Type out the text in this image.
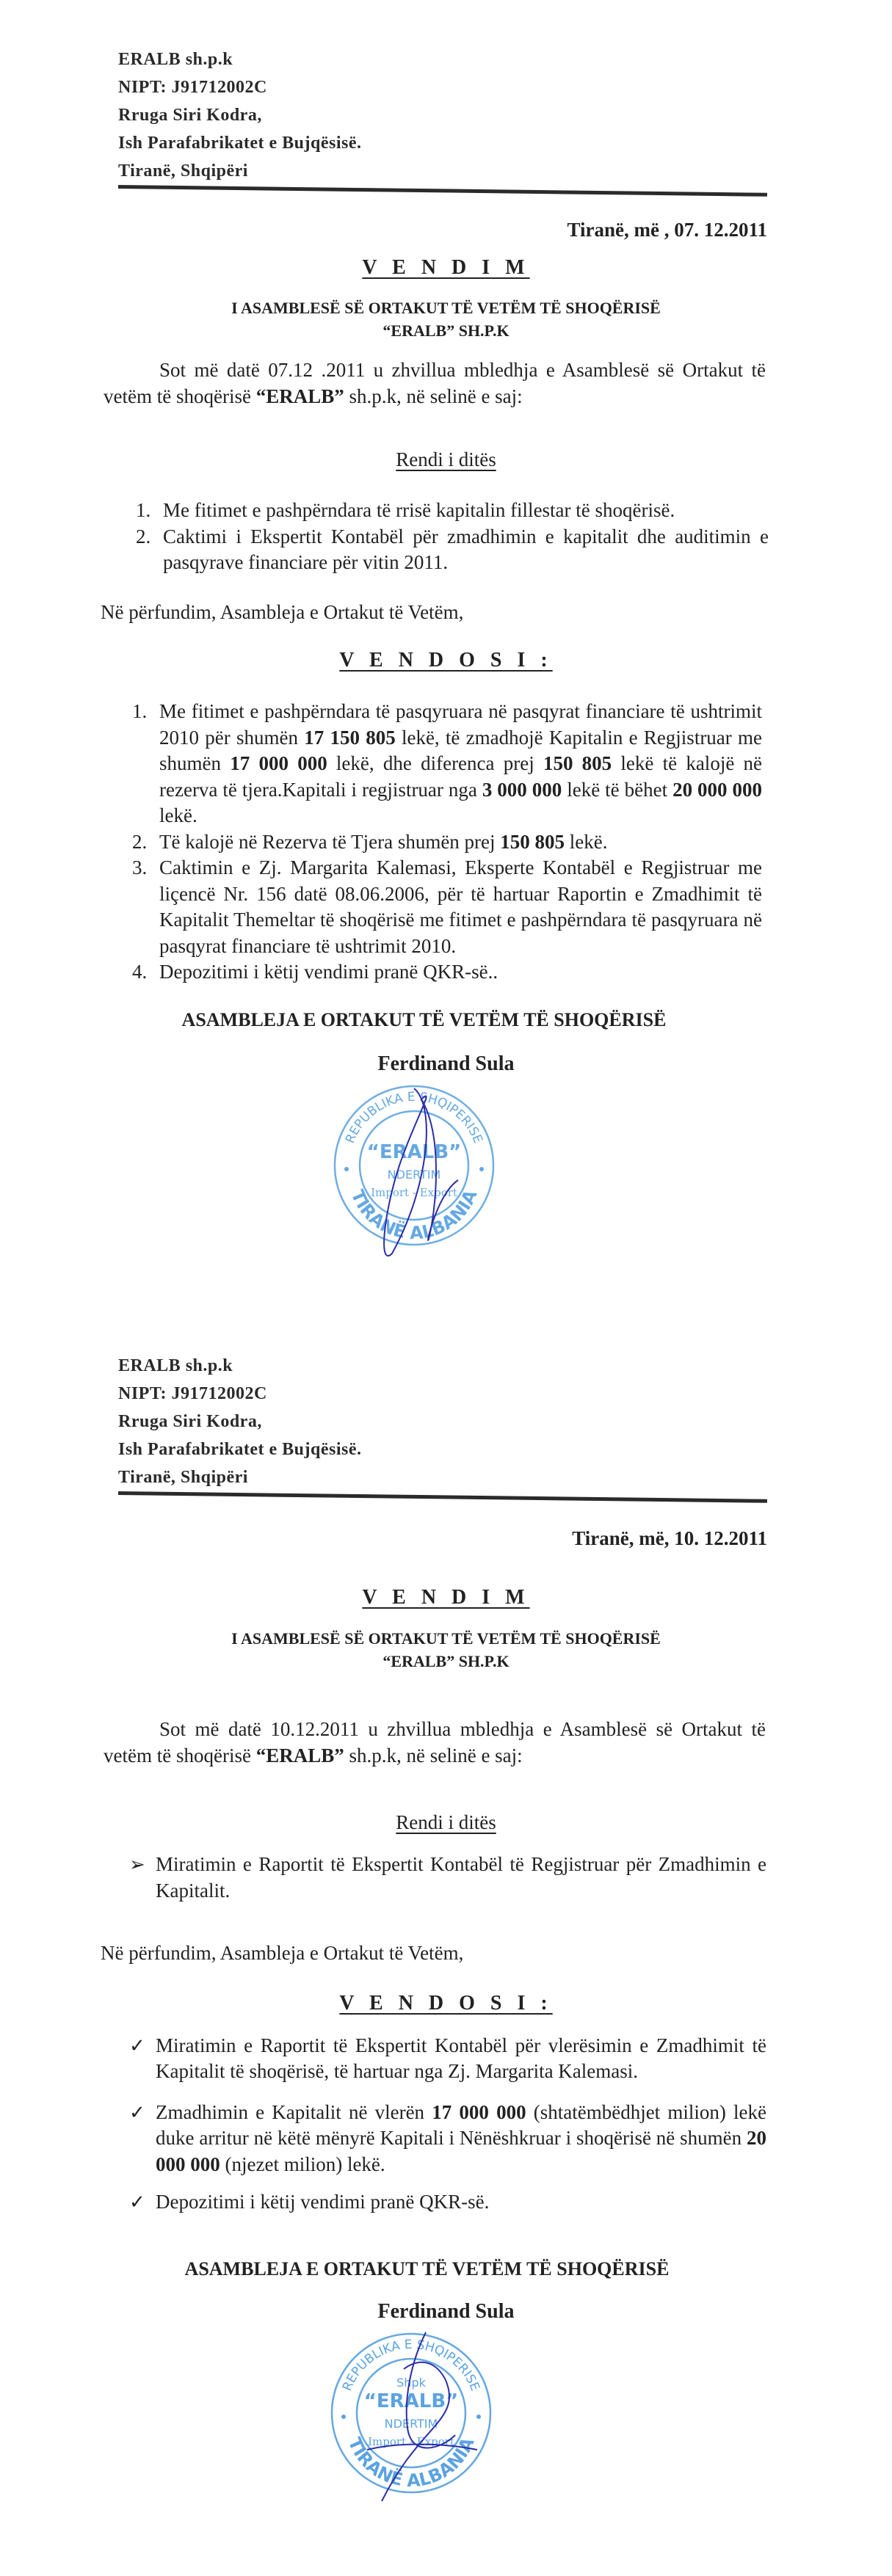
ERALB sh.p.k
NIPT: J91712002C
Rruga Siri Kodra,
Ish Parafabrikatet e Bujqësisë.
Tiranë, Shqipëri
Tiranë, më , 07. 12.2011
V E N D I M
I ASAMBLESË SË ORTAKUT TË VETËM TË SHOQËRISË
“ERALB” SH.P.K
Sot më datë 07.12 .2011 u zhvillua mbledhja e Asamblesë së Ortakut të vetëm të shoqërisë “ERALB” sh.p.k, në selinë e saj:
Rendi i ditës
1. Me fitimet e pashpërndara të rrisë kapitalin fillestar të shoqërisë.
2. Caktimi i Ekspertit Kontabël për zmadhimin e kapitalit dhe auditimin e pasqyrave financiare për vitin 2011.
Në përfundim, Asambleja e Ortakut të Vetëm,
V E N D O S I :
1. Me fitimet e pashpërndara të pasqyruara në pasqyrat financiare të ushtrimit 2010 për shumën 17 150 805 lekë, të zmadhojë Kapitalin e Regjistruar me shumën 17 000 000 lekë, dhe diferenca prej 150 805 lekë të kalojë në rezerva të tjera.Kapitali i regjistruar nga 3 000 000 lekë të bëhet 20 000 000 lekë.
2. Të kalojë në Rezerva të Tjera shumën prej 150 805 lekë.
3. Caktimin e Zj. Margarita Kalemasi, Eksperte Kontabël e Regjistruar me liçencë Nr. 156 datë 08.06.2006, për të hartuar Raportin e Zmadhimit të Kapitalit Themeltar të shoqërisë me fitimet e pashpërndara të pasqyruara në pasqyrat financiare të ushtrimit 2010.
4. Depozitimi i këtij vendimi pranë QKR-së..
ASAMBLEJA E ORTAKUT TË VETËM TË SHOQËRISË
Ferdinand Sula
REPUBLIKA E SHQIPERISE
TIRANË ALBANIA
“ERALB”
NDERTIM
Import - Export
ERALB sh.p.k
NIPT: J91712002C
Rruga Siri Kodra,
Ish Parafabrikatet e Bujqësisë.
Tiranë, Shqipëri
Tiranë, më, 10. 12.2011
V E N D I M
I ASAMBLESË SË ORTAKUT TË VETËM TË SHOQËRISË
“ERALB” SH.P.K
Sot më datë 10.12.2011 u zhvillua mbledhja e Asamblesë së Ortakut të vetëm të shoqërisë “ERALB” sh.p.k, në selinë e saj:
Rendi i ditës
➢ Miratimin e Raportit të Ekspertit Kontabël të Regjistruar për Zmadhimin e Kapitalit.
Në përfundim, Asambleja e Ortakut të Vetëm,
V E N D O S I :
✓ Miratimin e Raportit të Ekspertit Kontabël për vlerësimin e Zmadhimit të Kapitalit të shoqërisë, të hartuar nga Zj. Margarita Kalemasi.
✓ Zmadhimin e Kapitalit në vlerën 17 000 000 (shtatëmbëdhjet milion) lekë duke arritur në këtë mënyrë Kapitali i Nënëshkruar i shoqërisë në shumën 20 000 000 (njezet milion) lekë.
✓ Depozitimi i këtij vendimi pranë QKR-së.
ASAMBLEJA E ORTAKUT TË VETËM TË SHOQËRISË
Ferdinand Sula
REPUBLIKA E SHQIPERISE
TIRANË ALBANIA
Shpk
“ERALB”
NDERTIM
Import - Export
